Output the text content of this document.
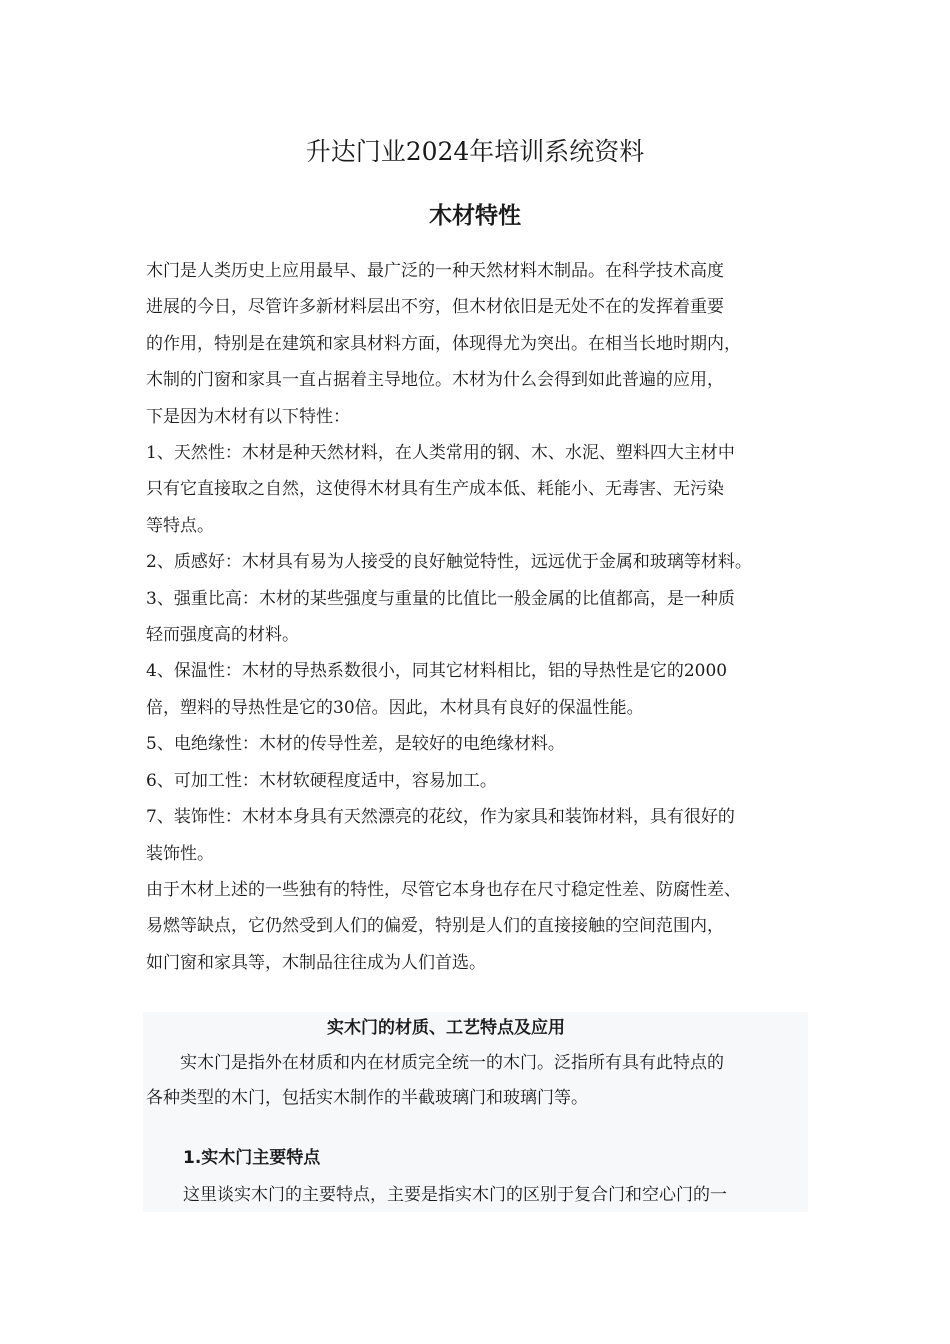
升达门业2024年培训系统资料
木材特性

木门是人类历史上应用最早、最广泛的一种天然材料木制品。在科学技术高度

进展的今日，尽管许多新材料层出不穷，但木材依旧是无处不在的发挥着重要

的作用，特别是在建筑和家具材料方面，体现得尤为突出。在相当长地时期内，

木制的门窗和家具一直占据着主导地位。木材为什么会得到如此普遍的应用，

下是因为木材有以下特性：

1、天然性：木材是种天然材料，在人类常用的钢、木、水泥、塑料四大主材中

只有它直接取之自然，这使得木材具有生产成本低、耗能小、无毒害、无污染

等特点。

2、质感好：木材具有易为人接受的良好触觉特性，远远优于金属和玻璃等材料。

3、强重比高：木材的某些强度与重量的比值比一般金属的比值都高，是一种质

轻而强度高的材料。

4、保温性：木材的导热系数很小，同其它材料相比，铝的导热性是它的2000

倍，塑料的导热性是它的30倍。因此，木材具有良好的保温性能。

5、电绝缘性：木材的传导性差，是较好的电绝缘材料。

6、可加工性：木材软硬程度适中，容易加工。

7、装饰性：木材本身具有天然漂亮的花纹，作为家具和装饰材料，具有很好的

装饰性。

由于木材上述的一些独有的特性，尽管它本身也存在尺寸稳定性差、防腐性差、

易燃等缺点，它仍然受到人们的偏爱，特别是人们的直接接触的空间范围内，

如门窗和家具等，木制品往往成为人们首选。

实木门的材质、工艺特点及应用

　　实木门是指外在材质和内在材质完全统一的木门。泛指所有具有此特点的

各种类型的木门，包括实木制作的半截玻璃门和玻璃门等。

1.实木门主要特点
这里谈实木门的主要特点，主要是指实木门的区别于复合门和空心门的一
